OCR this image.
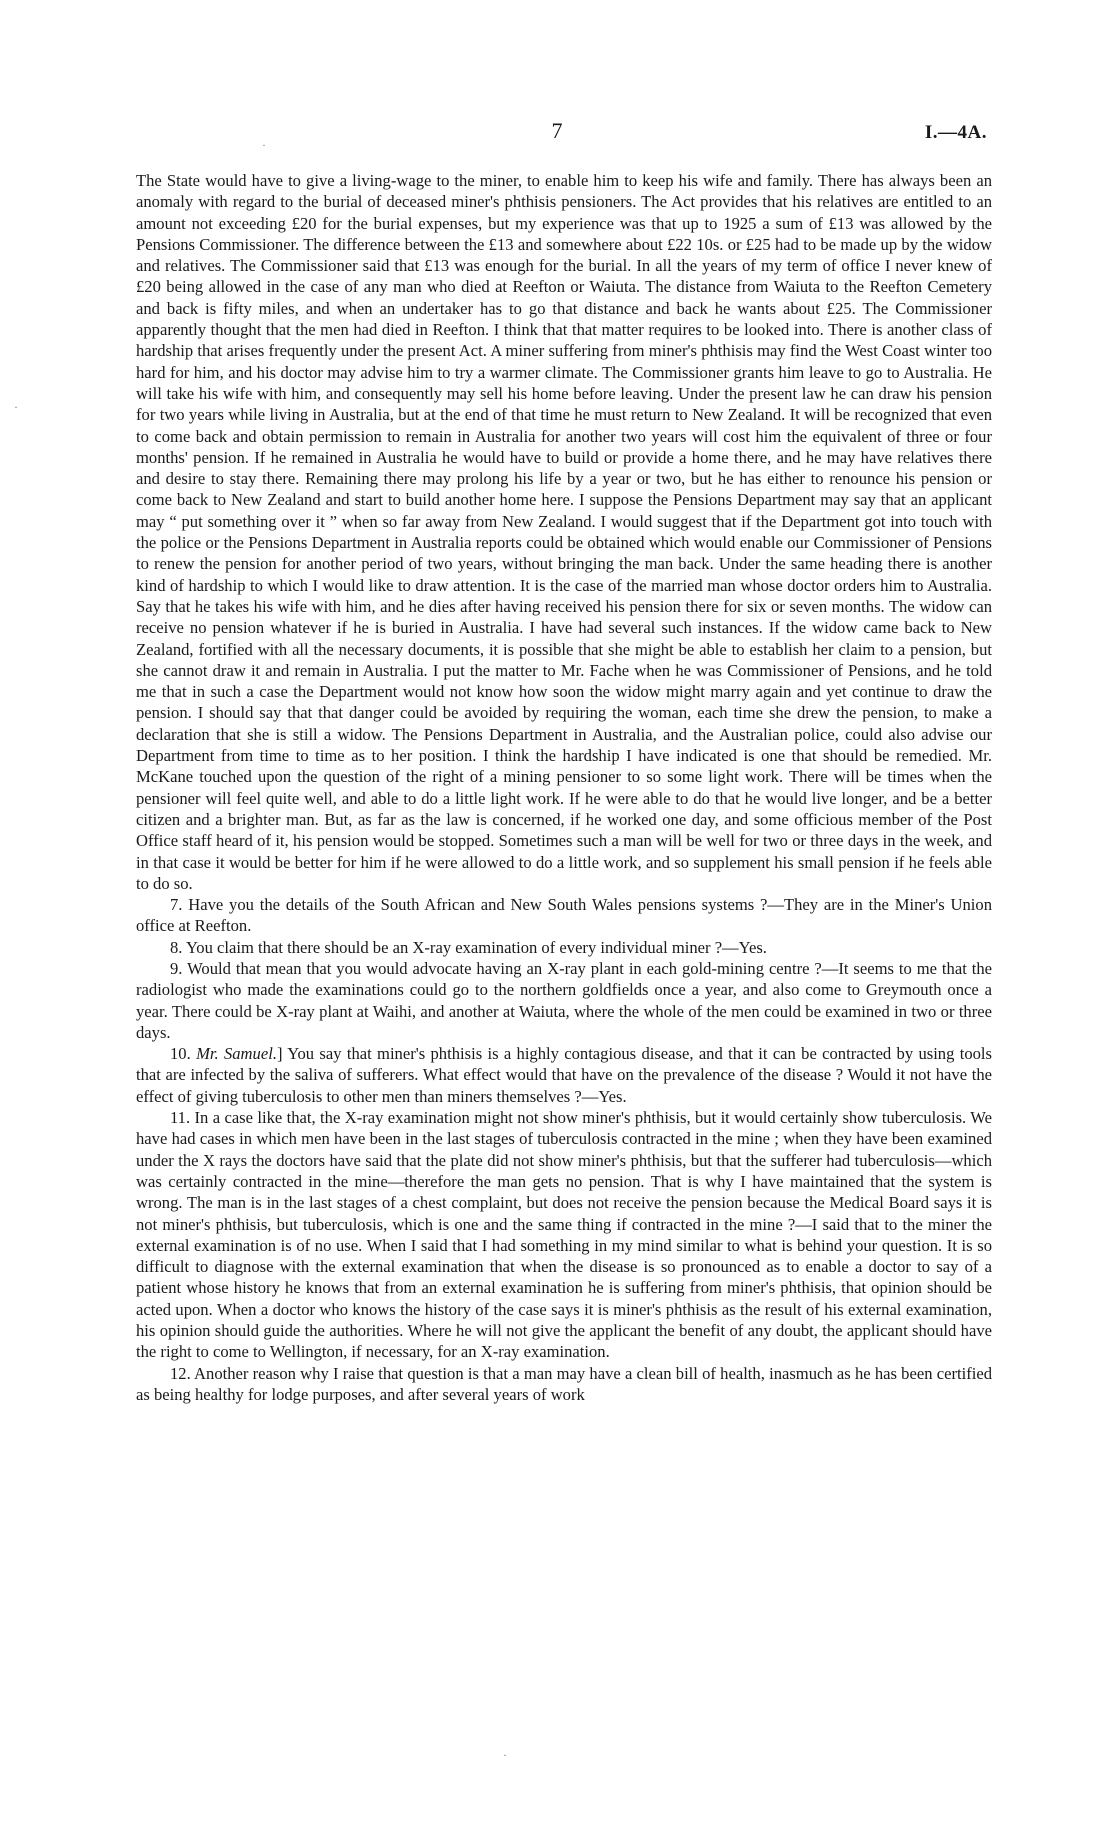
7	I.—4A.
·
·
·

The State would have to give a living-wage to the miner, to enable him to keep his wife and family. There has always been an anomaly with regard to the burial of deceased miner's phthisis pensioners. The Act provides that his relatives are entitled to an amount not exceeding £20 for the burial expenses, but my experience was that up to 1925 a sum of £13 was allowed by the Pensions Commissioner. The difference between the £13 and somewhere about £22 10s. or £25 had to be made up by the widow and relatives. The Commissioner said that £13 was enough for the burial. In all the years of my term of office I never knew of £20 being allowed in the case of any man who died at Reefton or Waiuta. The distance from Waiuta to the Reefton Cemetery and back is fifty miles, and when an undertaker has to go that distance and back he wants about £25. The Commissioner apparently thought that the men had died in Reefton. I think that that matter requires to be looked into. There is another class of hardship that arises frequently under the present Act. A miner suffering from miner's phthisis may find the West Coast winter too hard for him, and his doctor may advise him to try a warmer climate. The Commissioner grants him leave to go to Australia. He will take his wife with him, and consequently may sell his home before leaving. Under the present law he can draw his pension for two years while living in Australia, but at the end of that time he must return to New Zealand. It will be recognized that even to come back and obtain permission to remain in Australia for another two years will cost him the equivalent of three or four months' pension. If he remained in Australia he would have to build or provide a home there, and he may have relatives there and desire to stay there. Remaining there may prolong his life by a year or two, but he has either to renounce his pension or come back to New Zealand and start to build another home here. I suppose the Pensions Department may say that an applicant may “ put something over it ” when so far away from New Zealand. I would suggest that if the Department got into touch with the police or the Pensions Department in Australia reports could be obtained which would enable our Commissioner of Pensions to renew the pension for another period of two years, without bringing the man back. Under the same heading there is another kind of hardship to which I would like to draw attention. It is the case of the married man whose doctor orders him to Australia. Say that he takes his wife with him, and he dies after having received his pension there for six or seven months. The widow can receive no pension whatever if he is buried in Australia. I have had several such instances. If the widow came back to New Zealand, fortified with all the necessary documents, it is possible that she might be able to establish her claim to a pension, but she cannot draw it and remain in Australia. I put the matter to Mr. Fache when he was Commissioner of Pensions, and he told me that in such a case the Department would not know how soon the widow might marry again and yet continue to draw the pension. I should say that that danger could be avoided by requiring the woman, each time she drew the pension, to make a declaration that she is still a widow. The Pensions Department in Australia, and the Australian police, could also advise our Department from time to time as to her position. I think the hardship I have indicated is one that should be remedied. Mr. McKane touched upon the question of the right of a mining pensioner to so some light work. There will be times when the pensioner will feel quite well, and able to do a little light work. If he were able to do that he would live longer, and be a better citizen and a brighter man. But, as far as the law is concerned, if he worked one day, and some officious member of the Post Office staff heard of it, his pension would be stopped. Sometimes such a man will be well for two or three days in the week, and in that case it would be better for him if he were allowed to do a little work, and so supplement his small pension if he feels able to do so.

7. Have you the details of the South African and New South Wales pensions systems ?—They are in the Miner's Union office at Reefton.

8. You claim that there should be an X-ray examination of every individual miner ?—Yes.

9. Would that mean that you would advocate having an X-ray plant in each gold-mining centre ?—It seems to me that the radiologist who made the examinations could go to the northern goldfields once a year, and also come to Greymouth once a year. There could be X-ray plant at Waihi, and another at Waiuta, where the whole of the men could be examined in two or three days.

10. Mr. Samuel.] You say that miner's phthisis is a highly contagious disease, and that it can be contracted by using tools that are infected by the saliva of sufferers. What effect would that have on the prevalence of the disease ? Would it not have the effect of giving tuberculosis to other men than miners themselves ?—Yes.

11. In a case like that, the X-ray examination might not show miner's phthisis, but it would certainly show tuberculosis. We have had cases in which men have been in the last stages of tuberculosis contracted in the mine ; when they have been examined under the X rays the doctors have said that the plate did not show miner's phthisis, but that the sufferer had tuberculosis—which was certainly contracted in the mine—therefore the man gets no pension. That is why I have maintained that the system is wrong. The man is in the last stages of a chest complaint, but does not receive the pension because the Medical Board says it is not miner's phthisis, but tuberculosis, which is one and the same thing if contracted in the mine ?—I said that to the miner the external examination is of no use. When I said that I had something in my mind similar to what is behind your question. It is so difficult to diagnose with the external examination that when the disease is so pronounced as to enable a doctor to say of a patient whose history he knows that from an external examination he is suffering from miner's phthisis, that opinion should be acted upon. When a doctor who knows the history of the case says it is miner's phthisis as the result of his external examination, his opinion should guide the authorities. Where he will not give the applicant the benefit of any doubt, the applicant should have the right to come to Wellington, if necessary, for an X-ray examination.

12. Another reason why I raise that question is that a man may have a clean bill of health, inasmuch as he has been certified as being healthy for lodge purposes, and after several years of work
